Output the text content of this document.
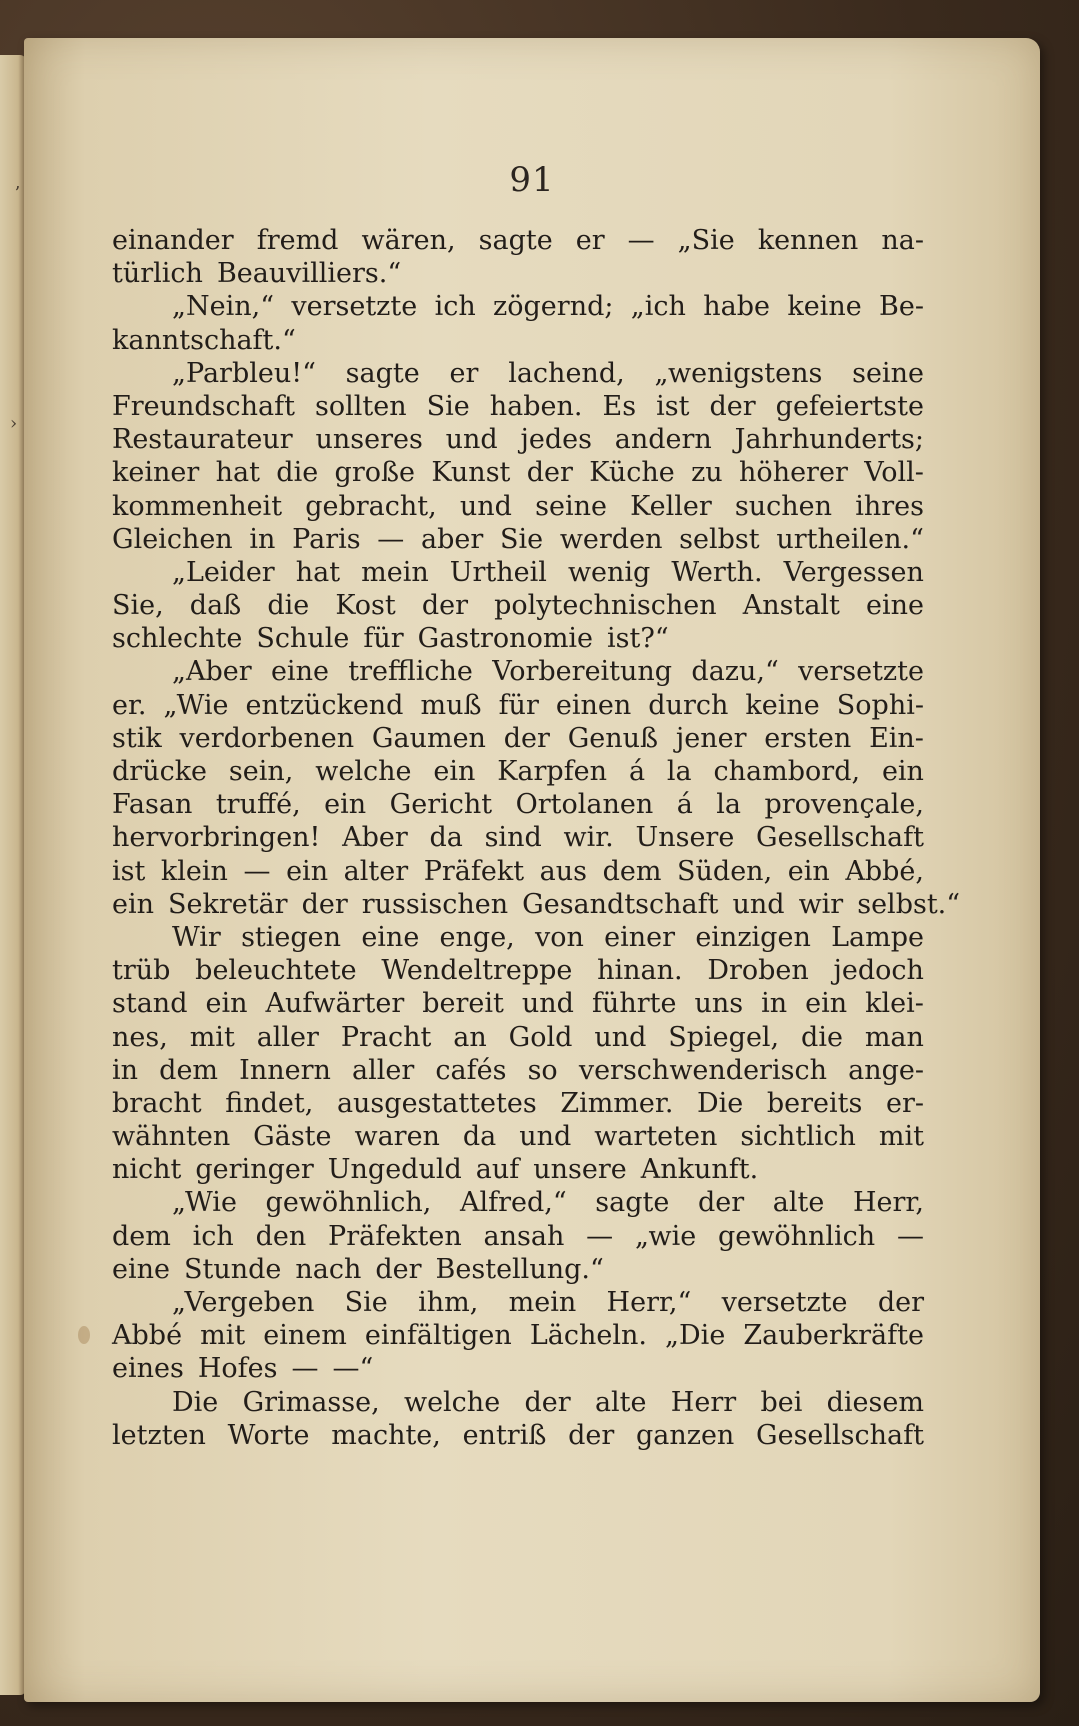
ʼ
›
91
einander fremd wären, sagte er — „Sie kennen na-
türlich Beauvilliers.“
„Nein,“ versetzte ich zögernd; „ich habe keine Be-
kanntschaft.“
„Parbleu!“ sagte er lachend, „wenigstens seine
Freundschaft sollten Sie haben. Es ist der gefeiertste
Restaurateur unseres und jedes andern Jahrhunderts;
keiner hat die große Kunst der Küche zu höherer Voll-
kommenheit gebracht, und seine Keller suchen ihres
Gleichen in Paris — aber Sie werden selbst urtheilen.“
„Leider hat mein Urtheil wenig Werth. Vergessen
Sie, daß die Kost der polytechnischen Anstalt eine
schlechte Schule für Gastronomie ist?“
„Aber eine treffliche Vorbereitung dazu,“ versetzte
er. „Wie entzückend muß für einen durch keine Sophi-
stik verdorbenen Gaumen der Genuß jener ersten Ein-
drücke sein, welche ein Karpfen á la chambord, ein
Fasan truffé, ein Gericht Ortolanen á la provençale,
hervorbringen! Aber da sind wir. Unsere Gesellschaft
ist klein — ein alter Präfekt aus dem Süden, ein Abbé,
ein Sekretär der russischen Gesandtschaft und wir selbst.“
Wir stiegen eine enge, von einer einzigen Lampe
trüb beleuchtete Wendeltreppe hinan. Droben jedoch
stand ein Aufwärter bereit und führte uns in ein klei-
nes, mit aller Pracht an Gold und Spiegel, die man
in dem Innern aller cafés so verschwenderisch ange-
bracht findet, ausgestattetes Zimmer. Die bereits er-
wähnten Gäste waren da und warteten sichtlich mit
nicht geringer Ungeduld auf unsere Ankunft.
„Wie gewöhnlich, Alfred,“ sagte der alte Herr,
dem ich den Präfekten ansah — „wie gewöhnlich —
eine Stunde nach der Bestellung.“
„Vergeben Sie ihm, mein Herr,“ versetzte der
Abbé mit einem einfältigen Lächeln. „Die Zauberkräfte
eines Hofes — —“
Die Grimasse, welche der alte Herr bei diesem
letzten Worte machte, entriß der ganzen Gesellschaft
